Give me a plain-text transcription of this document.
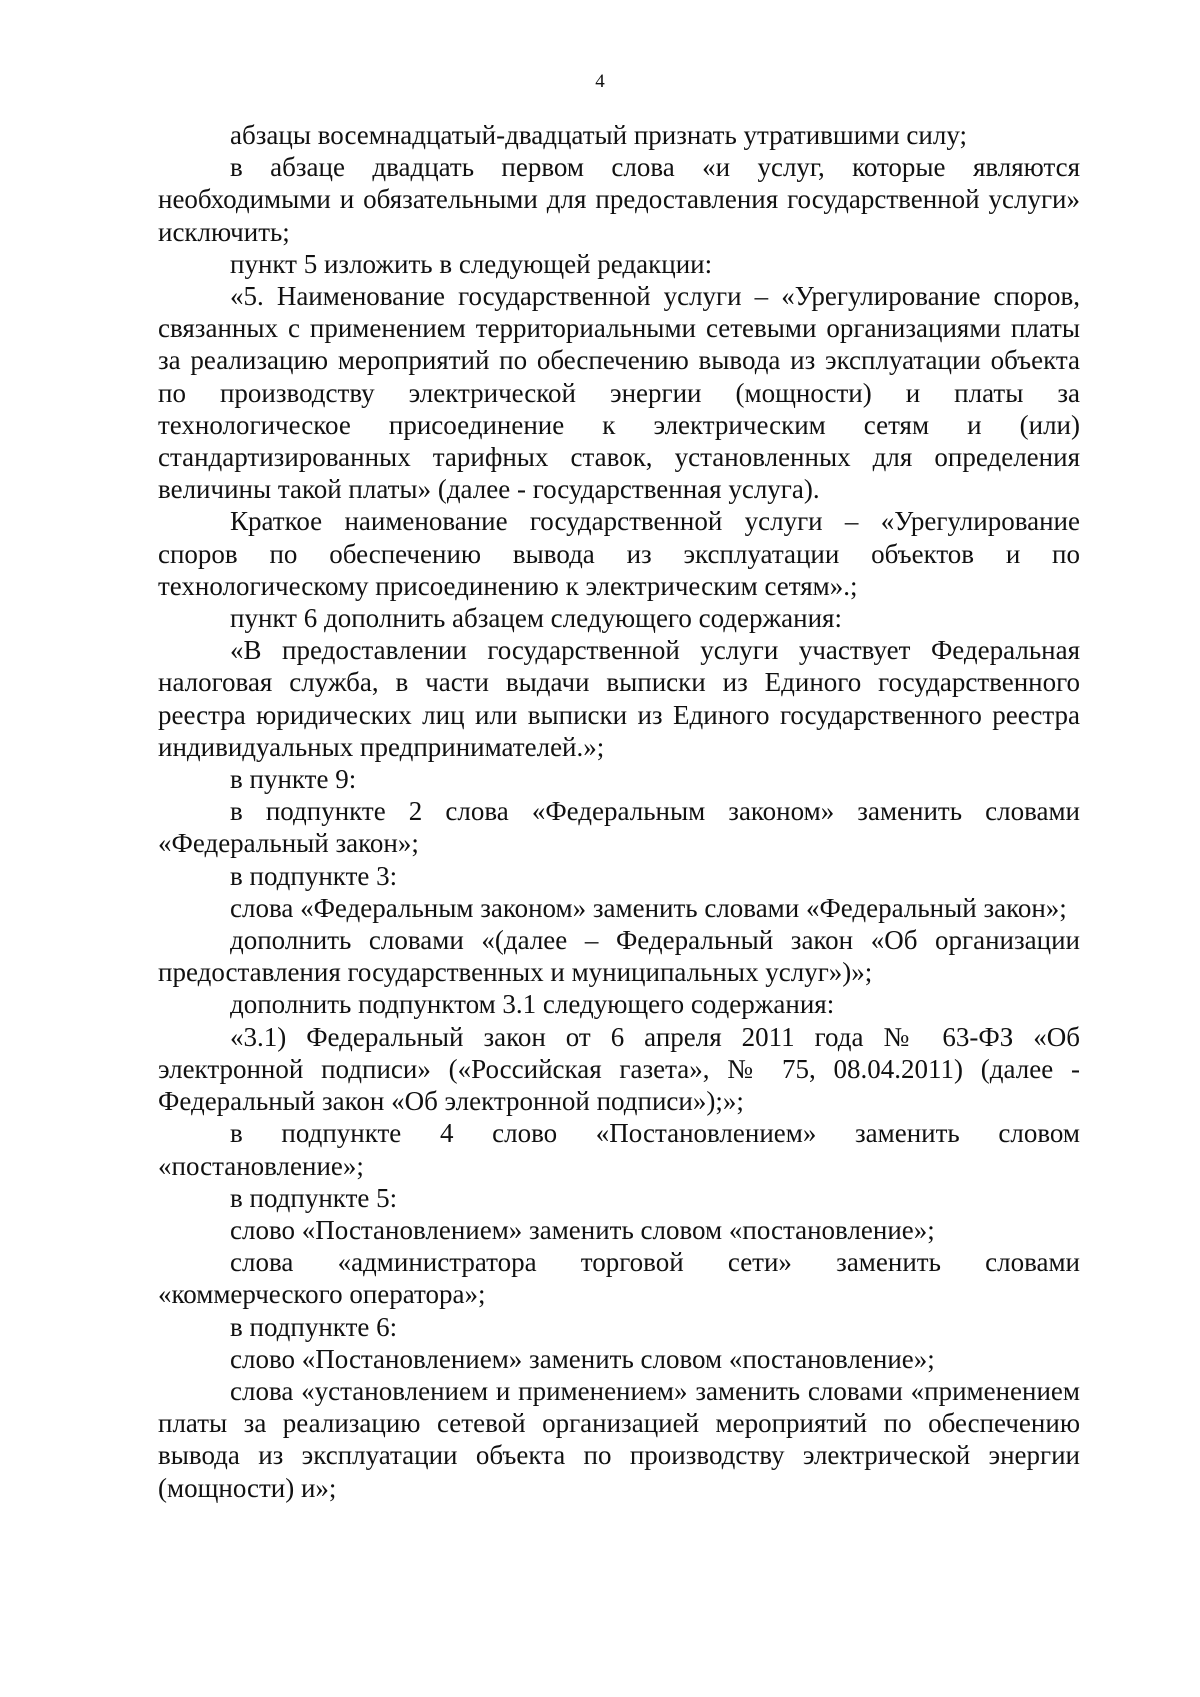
4

абзацы восемнадцатый-двадцатый признать утратившими силу;

в абзаце двадцать первом слова «и услуг, которые являются необходимыми и обязательными для предоставления государственной услуги» исключить;

пункт 5 изложить в следующей редакции:

«5. Наименование государственной услуги – «Урегулирование споров, связанных с применением территориальными сетевыми организациями платы за реализацию мероприятий по обеспечению вывода из эксплуатации объекта по производству электрической энергии (мощности) и платы за технологическое присоединение к электрическим сетям и (или) стандартизированных тарифных ставок, установленных для определения величины такой платы» (далее - государственная услуга).

Краткое наименование государственной услуги – «Урегулирование споров по обеспечению вывода из эксплуатации объектов и по технологическому присоединению к электрическим сетям».;

пункт 6 дополнить абзацем следующего содержания:

«В предоставлении государственной услуги участвует Федеральная налоговая служба, в части выдачи выписки из Единого государственного реестра юридических лиц или выписки из Единого государственного реестра индивидуальных предпринимателей.»;

в пункте 9:

в подпункте 2 слова «Федеральным законом» заменить словами «Федеральный закон»;

в подпункте 3:

слова «Федеральным законом» заменить словами «Федеральный закон»;

дополнить словами «(далее – Федеральный закон «Об организации предоставления государственных и муниципальных услуг»)»;

дополнить подпунктом 3.1 следующего содержания:

«3.1) Федеральный закон от 6 апреля 2011 года № 63-ФЗ «Об электронной подписи» («Российская газета», № 75, 08.04.2011) (далее - Федеральный закон «Об электронной подписи»);»;

в подпункте 4 слово «Постановлением» заменить словом «постановление»;

в подпункте 5:

слово «Постановлением» заменить словом «постановление»;

слова «администратора торговой сети» заменить словами «коммерческого оператора»;

в подпункте 6:

слово «Постановлением» заменить словом «постановление»;

слова «установлением и применением» заменить словами «применением платы за реализацию сетевой организацией мероприятий по обеспечению вывода из эксплуатации объекта по производству электрической энергии (мощности) и»;
